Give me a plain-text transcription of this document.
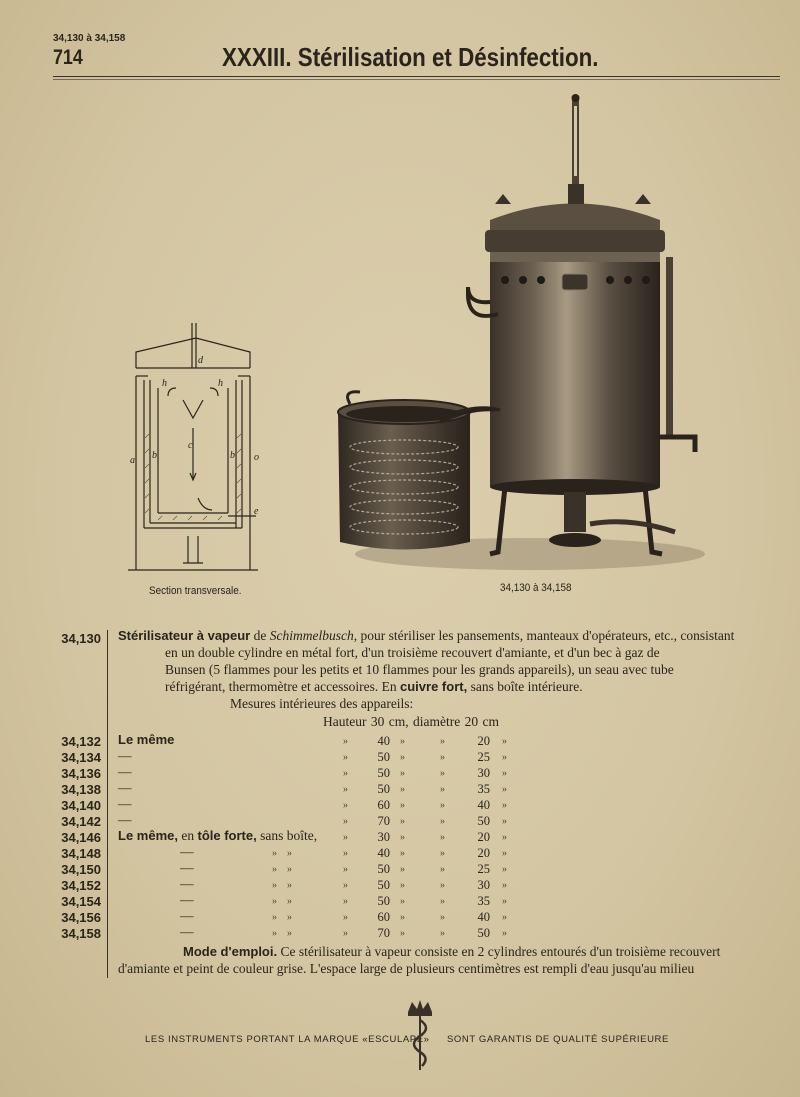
34,130 à 34,158
714	XXXIII. Stérilisation et Désinfection.
d
h	h
c
a b	b o
e
Section transversale.	34,130 à 34,158
34,130 Stérilisateur à vapeur de Schimmelbusch, pour stériliser les pansements, manteaux d'opérateurs, etc., consistant
en un double cylindre en métal fort, d'un troisième recouvert d'amiante, et d'un bec à gaz de
Bunsen (5 flammes pour les petits et 10 flammes pour les grands appareils), un seau avec tube
réfrigérant, thermomètre et accessoires. En cuivre fort, sans boîte intérieure.
Mesures intérieures des appareils:
Hauteur 30 cm, diamètre 20 cm
34,132 Le même	»	40 »	»	20 »
34,134 —	»	50 »	»	25 »
34,136 —	»	50 »	»	30 »
34,138 —	»	50 »	»	35 »
34,140 —	»	60 »	»	40 »
34,142 —	»	70 »	»	50 »
34,146 Le même, en tôle forte, sans boîte,	»	30 »	»	20 »
34,148	—	»    »	»	40 »	»	20 »
34,150	—	»    »	»	50 »	»	25 »
34,152	—	»    »	»	50 »	»	30 »
34,154	—	»    »	»	50 »	»	35 »
34,156	—	»    »	»	60 »	»	40 »
34,158	—	»    »	»	70 »	»	50 »
Mode d'emploi. Ce stérilisateur à vapeur consiste en 2 cylindres entourés d'un troisième recouvert
d'amiante et peint de couleur grise. L'espace large de plusieurs centimètres est rempli d'eau jusqu'au milieu
LES INSTRUMENTS PORTANT LA MARQUE «ESCULAPE» SONT GARANTIS DE QUALITÉ SUPÉRIEURE
